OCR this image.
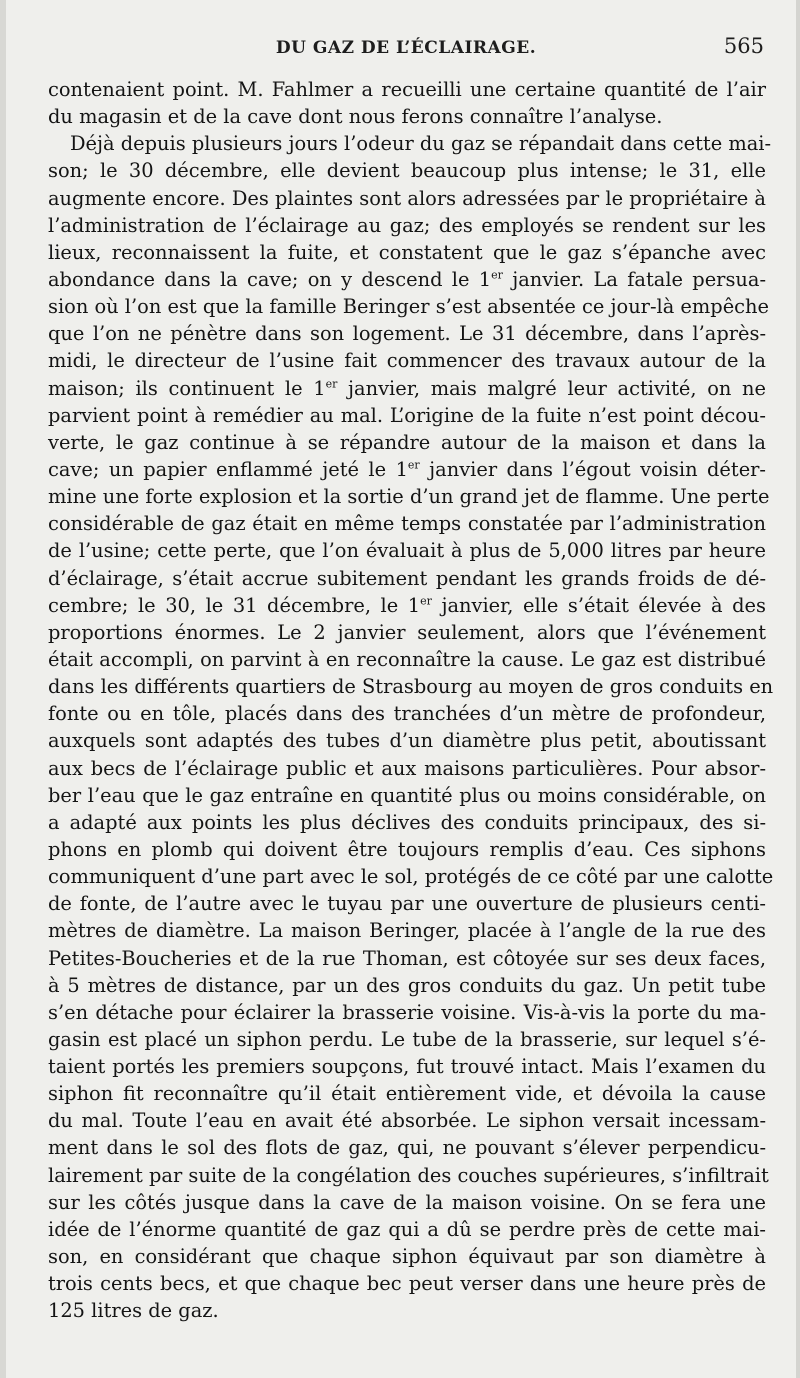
DU GAZ DE L’ÉCLAIRAGE.	565
contenaient point. M. Fahlmer a recueilli une certaine quantité de l’air
du magasin et de la cave dont nous ferons connaître l’analyse.
Déjà depuis plusieurs jours l’odeur du gaz se répandait dans cette mai-
son; le 30 décembre, elle devient beaucoup plus intense; le 31, elle
augmente encore. Des plaintes sont alors adressées par le propriétaire à
l’administration de l’éclairage au gaz; des employés se rendent sur les
lieux, reconnaissent la fuite, et constatent que le gaz s’épanche avec
abondance dans la cave; on y descend le 1er janvier. La fatale persua-
sion où l’on est que la famille Beringer s’est absentée ce jour-là empêche
que l’on ne pénètre dans son logement. Le 31 décembre, dans l’après-
midi, le directeur de l’usine fait commencer des travaux autour de la
maison; ils continuent le 1er janvier, mais malgré leur activité, on ne
parvient point à remédier au mal. L’origine de la fuite n’est point décou-
verte, le gaz continue à se répandre autour de la maison et dans la
cave; un papier enflammé jeté le 1er janvier dans l’égout voisin déter-
mine une forte explosion et la sortie d’un grand jet de flamme. Une perte
considérable de gaz était en même temps constatée par l’administration
de l’usine; cette perte, que l’on évaluait à plus de 5,000 litres par heure
d’éclairage, s’était accrue subitement pendant les grands froids de dé-
cembre; le 30, le 31 décembre, le 1er janvier, elle s’était élevée à des
proportions énormes. Le 2 janvier seulement, alors que l’événement
était accompli, on parvint à en reconnaître la cause. Le gaz est distribué
dans les différents quartiers de Strasbourg au moyen de gros conduits en
fonte ou en tôle, placés dans des tranchées d’un mètre de profondeur,
auxquels sont adaptés des tubes d’un diamètre plus petit, aboutissant
aux becs de l’éclairage public et aux maisons particulières. Pour absor-
ber l’eau que le gaz entraîne en quantité plus ou moins considérable, on
a adapté aux points les plus déclives des conduits principaux, des si-
phons en plomb qui doivent être toujours remplis d’eau. Ces siphons
communiquent d’une part avec le sol, protégés de ce côté par une calotte
de fonte, de l’autre avec le tuyau par une ouverture de plusieurs centi-
mètres de diamètre. La maison Beringer, placée à l’angle de la rue des
Petites-Boucheries et de la rue Thoman, est côtoyée sur ses deux faces,
à 5 mètres de distance, par un des gros conduits du gaz. Un petit tube
s’en détache pour éclairer la brasserie voisine. Vis-à-vis la porte du ma-
gasin est placé un siphon perdu. Le tube de la brasserie, sur lequel s’é-
taient portés les premiers soupçons, fut trouvé intact. Mais l’examen du
siphon fit reconnaître qu’il était entièrement vide, et dévoila la cause
du mal. Toute l’eau en avait été absorbée. Le siphon versait incessam-
ment dans le sol des flots de gaz, qui, ne pouvant s’élever perpendicu-
lairement par suite de la congélation des couches supérieures, s’infiltrait
sur les côtés jusque dans la cave de la maison voisine. On se fera une
idée de l’énorme quantité de gaz qui a dû se perdre près de cette mai-
son, en considérant que chaque siphon équivaut par son diamètre à
trois cents becs, et que chaque bec peut verser dans une heure près de
125 litres de gaz.
